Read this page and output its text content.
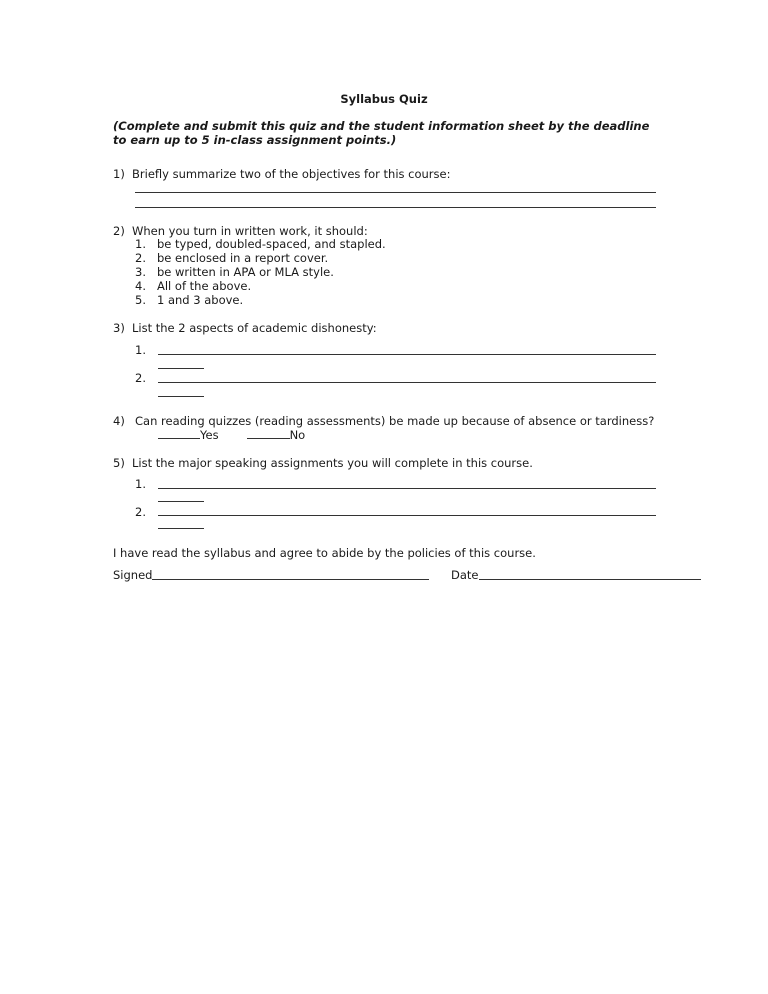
Syllabus Quiz
(Complete and submit this quiz and the student information sheet by the deadline to earn up to 5 in-class assignment points.)
1) Briefly summarize two of the objectives for this course:
2) When you turn in written work, it should:
1. be typed, doubled-spaced, and stapled.
2. be enclosed in a report cover.
3. be written in APA or MLA style.
4. All of the above.
5. 1 and 3 above.
3) List the 2 aspects of academic dishonesty:
1.
2.
4) Can reading quizzes (reading assessments) be made up because of absence or tardiness?
Yes	No
5) List the major speaking assignments you will complete in this course.
1.
2.
I have read the syllabus and agree to abide by the policies of this course.
Signed	Date
